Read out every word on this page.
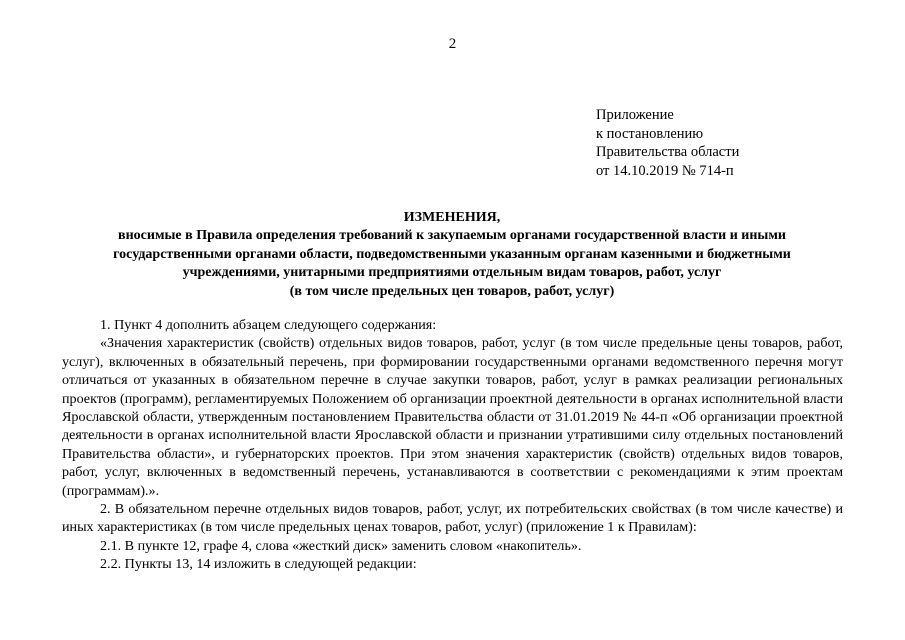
2
Приложение
к постановлению
Правительства области
от 14.10.2019 № 714-п
ИЗМЕНЕНИЯ,
вносимые в Правила определения требований к закупаемым органами государственной власти и иными
государственными органами области, подведомственными указанным органам казенными и бюджетными
учреждениями, унитарными предприятиями отдельным видам товаров, работ, услуг
(в том числе предельных цен товаров, работ, услуг)

1. Пункт 4 дополнить абзацем следующего содержания:

«Значения характеристик (свойств) отдельных видов товаров, работ, услуг (в том числе предельные цены товаров, работ, услуг), включенных в обязательный перечень, при формировании государственными органами ведомственного перечня могут отличаться от указанных в обязательном перечне в случае закупки товаров, работ, услуг в рамках реализации региональных проектов (программ), регламентируемых Положением об организации проектной деятельности в органах исполнительной власти Ярославской области, утвержденным постановлением Правительства области от 31.01.2019 № 44-п «Об организации проектной деятельности в органах исполнительной власти Ярославской области и признании утратившими силу отдельных постановлений Правительства области», и губернаторских проектов. При этом значения характеристик (свойств) отдельных видов товаров, работ, услуг, включенных в ведомственный перечень, устанавливаются в соответствии с рекомендациями к этим проектам (программам).».

2. В обязательном перечне отдельных видов товаров, работ, услуг, их потребительских свойствах (в том числе качестве) и иных характеристиках (в том числе предельных ценах товаров, работ, услуг) (приложение 1 к Правилам):

2.1. В пункте 12, графе 4, слова «жесткий диск» заменить словом «накопитель».

2.2. Пункты 13, 14 изложить в следующей редакции:
